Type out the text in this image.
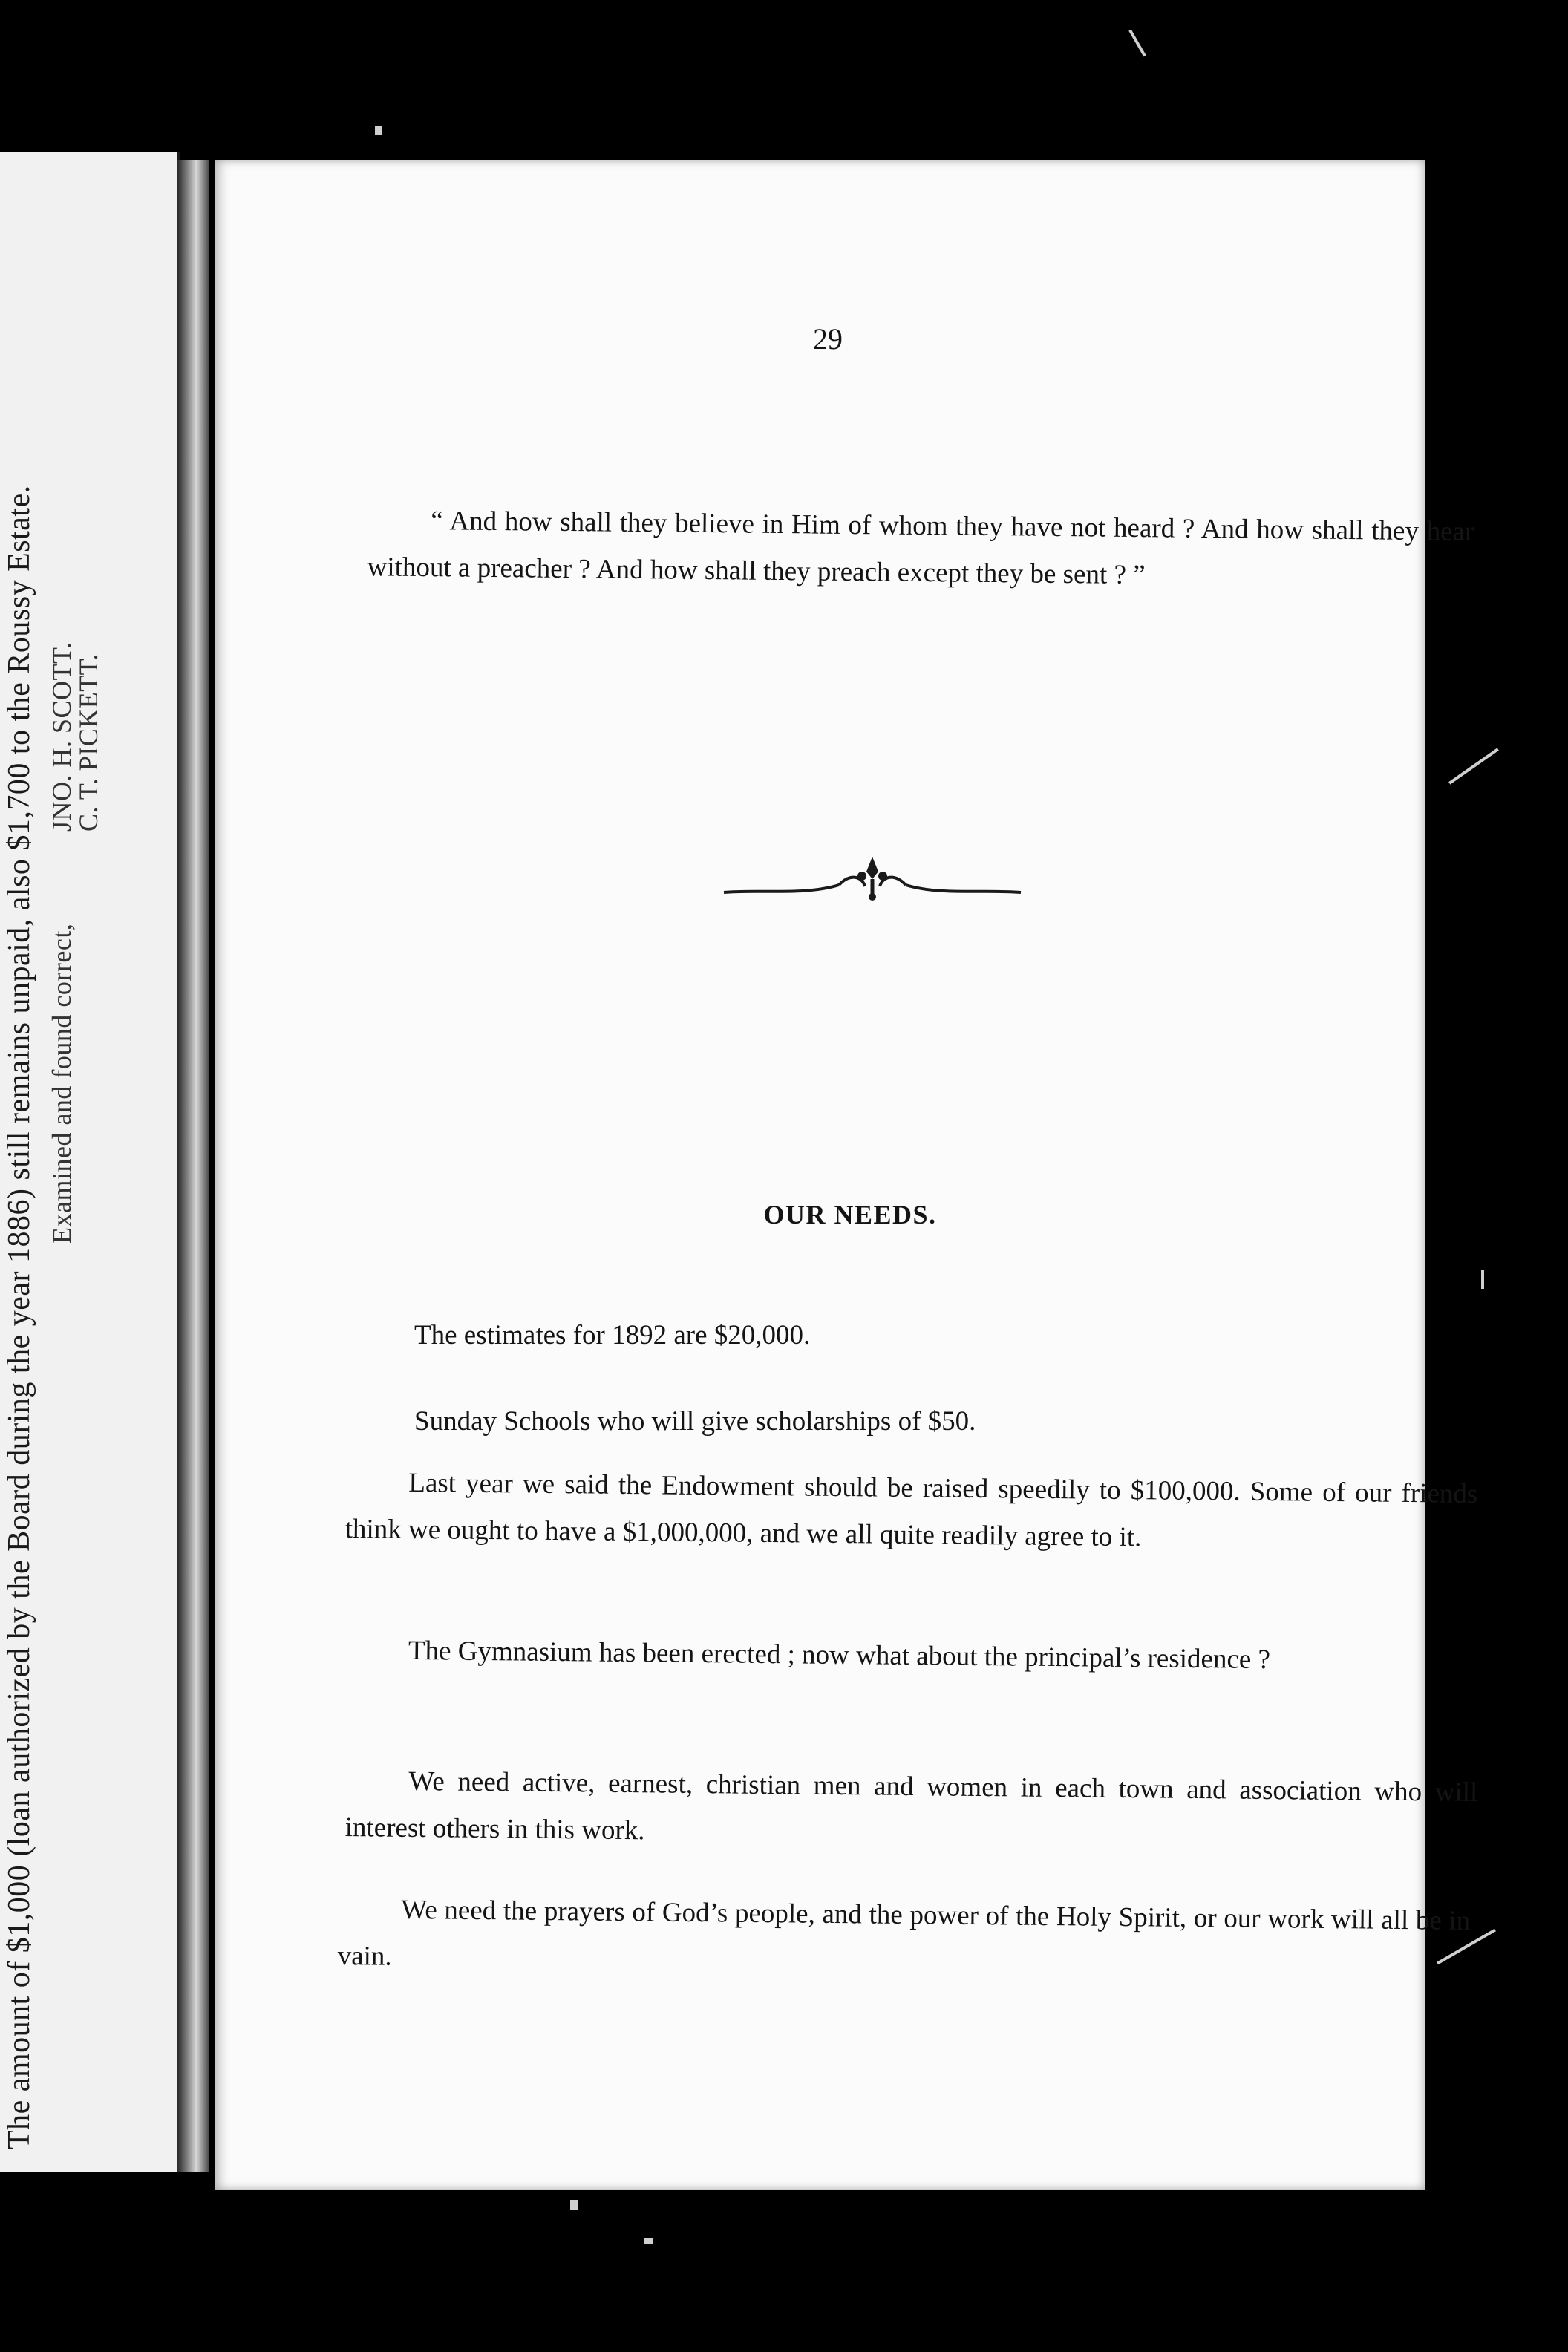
The amount of $1,000 (loan authorized by the Board during the year 1886) still remains unpaid, also $1,700 to the Roussy Estate. Examined and found correct,
JNO. H. SCOTT.
C. T. PICKETT.
29
“ And how shall they believe in Him of whom they have not heard ? And how shall they hear without a preacher ? And how shall they preach except they be sent ? ”
OUR NEEDS.
The estimates for 1892 are $20,000.
Sunday Schools who will give scholarships of $50.
Last year we said the Endowment should be raised speedily to $100,000. Some of our friends think we ought to have a $1,000,000, and we all quite readily agree to it.
The Gymnasium has been erected ; now what about the principal’s residence ?
We need active, earnest, christian men and women in each town and association who will interest others in this work.
We need the prayers of God’s people, and the power of the Holy Spirit, or our work will all be in vain.
